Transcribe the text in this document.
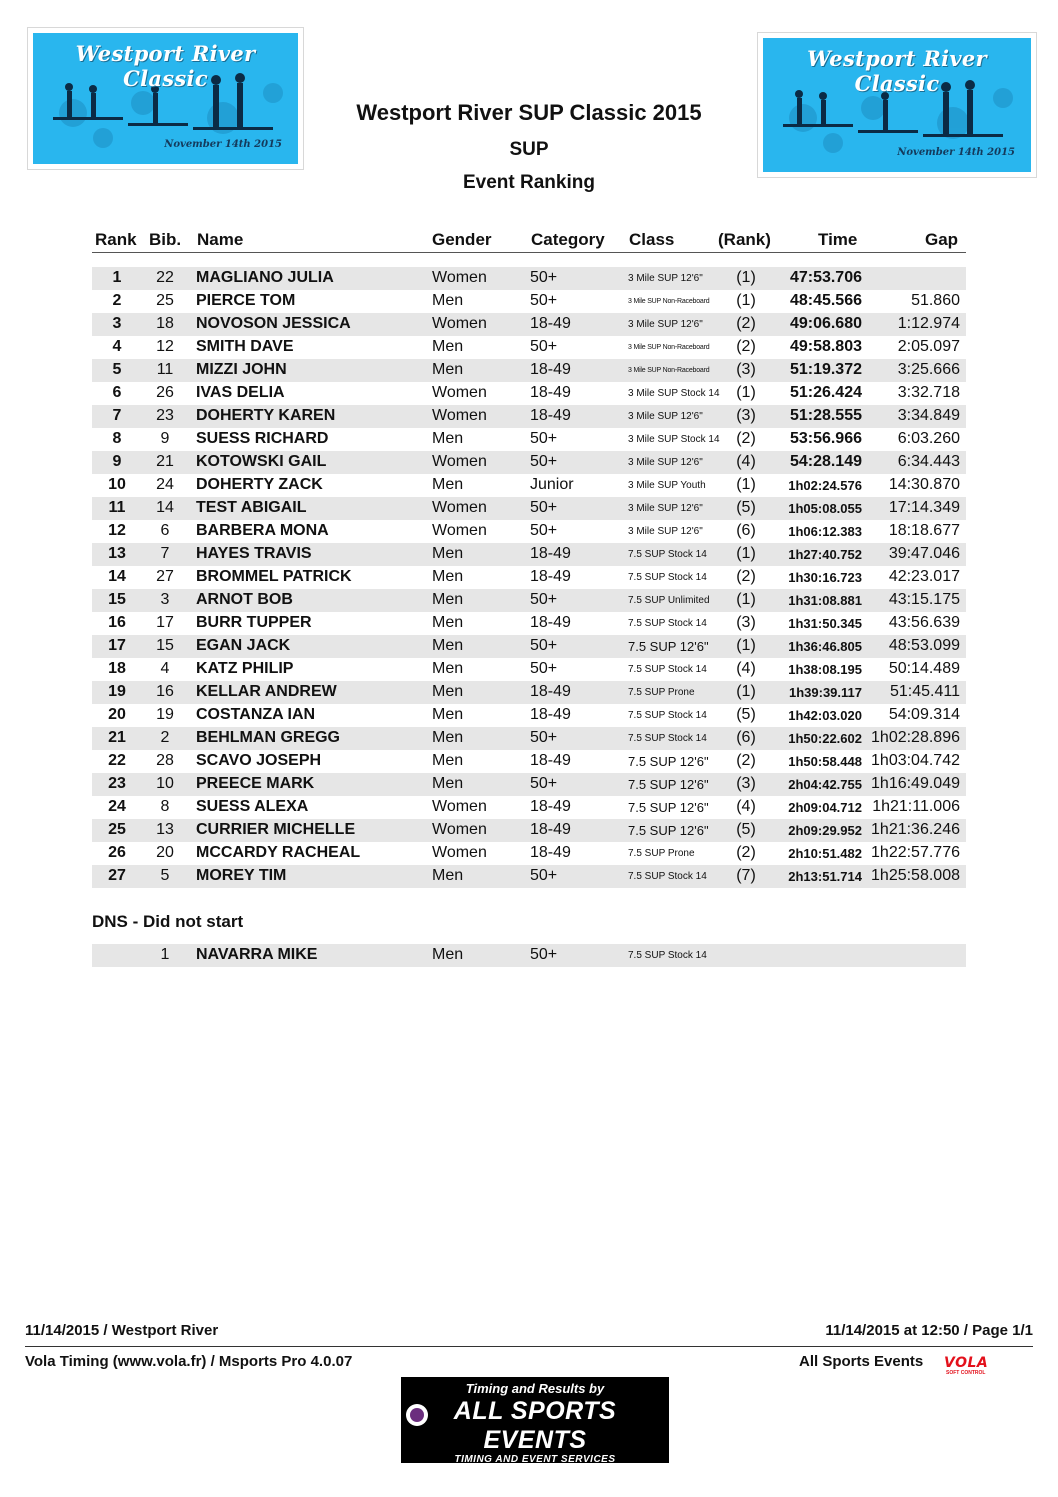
Westport River Classic
November 14th 2015
Westport River Classic
November 14th 2015
Westport River SUP Classic 2015
SUP
Event Ranking
Rank Bib. Name	Gender Category Class	(Rank)	Time	Gap
1	22	MAGLIANO JULIA	Women	50+	3 Mile SUP 12'6" (1)	47:53.706
2	25	PIERCE TOM	Men	50+	3 Mile SUP Non-Raceboard (1)	48:45.566	51.860
3	18	NOVOSON JESSICA	Women	18-49	3 Mile SUP 12'6" (2)	49:06.680	1:12.974
4	12	SMITH DAVE	Men	50+	3 Mile SUP Non-Raceboard (2)	49:58.803	2:05.097
5	11	MIZZI JOHN	Men	18-49	3 Mile SUP Non-Raceboard (3)	51:19.372	3:25.666
6	26	IVAS DELIA	Women	18-49	3 Mile SUP Stock 14 (1)	51:26.424	3:32.718
7	23	DOHERTY KAREN	Women	18-49	3 Mile SUP 12'6" (3)	51:28.555	3:34.849
8	9	SUESS RICHARD	Men	50+	3 Mile SUP Stock 14 (2)	53:56.966	6:03.260
9	21	KOTOWSKI GAIL	Women	50+	3 Mile SUP 12'6" (4)	54:28.149	6:34.443
10	24	DOHERTY ZACK	Men	Junior	3 Mile SUP Youth (1)	1h02:24.576	14:30.870
11	14	TEST ABIGAIL	Women	50+	3 Mile SUP 12'6" (5)	1h05:08.055	17:14.349
12	6	BARBERA MONA	Women	50+	3 Mile SUP 12'6" (6)	1h06:12.383	18:18.677
13	7	HAYES TRAVIS	Men	18-49	7.5 SUP Stock 14 (1)	1h27:40.752	39:47.046
14	27	BROMMEL PATRICK	Men	18-49	7.5 SUP Stock 14 (2)	1h30:16.723	42:23.017
15	3	ARNOT BOB	Men	50+	7.5 SUP Unlimited (1)	1h31:08.881	43:15.175
16	17	BURR TUPPER	Men	18-49	7.5 SUP Stock 14 (3)	1h31:50.345	43:56.639
17	15	EGAN JACK	Men	50+	7.5 SUP 12'6" (1)	1h36:46.805	48:53.099
18	4	KATZ PHILIP	Men	50+	7.5 SUP Stock 14 (4)	1h38:08.195	50:14.489
19	16	KELLAR ANDREW	Men	18-49	7.5 SUP Prone	(1)	1h39:39.117	51:45.411
20	19	COSTANZA IAN	Men	18-49	7.5 SUP Stock 14 (5)	1h42:03.020	54:09.314
21	2	BEHLMAN GREGG	Men	50+	7.5 SUP Stock 14 (6)	1h50:22.602 1h02:28.896
22	28	SCAVO JOSEPH	Men	18-49	7.5 SUP 12'6" (2)	1h50:58.448 1h03:04.742
23	10	PREECE MARK	Men	50+	7.5 SUP 12'6" (3)	2h04:42.755 1h16:49.049
24	8	SUESS ALEXA	Women	18-49	7.5 SUP 12'6" (4)	2h09:04.712 1h21:11.006
25	13	CURRIER MICHELLE	Women	18-49	7.5 SUP 12'6" (5)	2h09:29.952 1h21:36.246
26	20	MCCARDY RACHEAL	Women	18-49	7.5 SUP Prone	(2)	2h10:51.482 1h22:57.776
27	5	MOREY TIM	Men	50+	7.5 SUP Stock 14 (7)	2h13:51.714 1h25:58.008
DNS - Did not start
1	NAVARRA MIKE	Men	50+	7.5 SUP Stock 14
11/14/2015 / Westport River	11/14/2015 at 12:50 / Page 1/1
Vola Timing (www.vola.fr) / Msports Pro 4.0.07	All Sports Events VOLA
SOFT CONTROL
Timing and Results by
ALL SPORTS EVENTS
TIMING AND EVENT SERVICES
www.allsportsevents.com
